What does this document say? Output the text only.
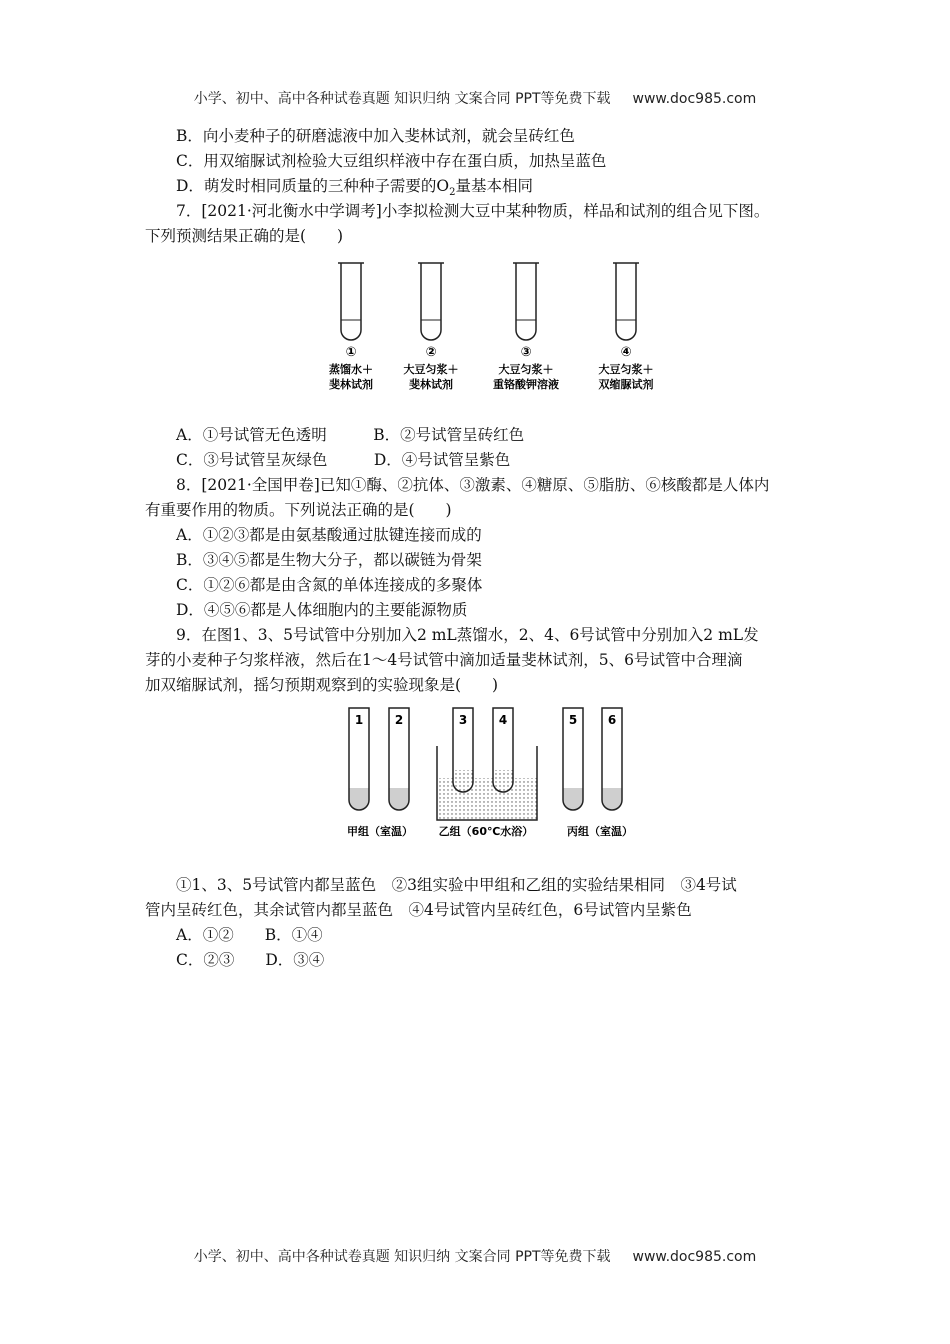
小学、初中、高中各种试卷真题 知识归纳 文案合同 PPT等免费下载 www.doc985.com
B．向小麦种子的研磨滤液中加入斐林试剂，就会呈砖红色
C．用双缩脲试剂检验大豆组织样液中存在蛋白质，加热呈蓝色
D．萌发时相同质量的三种种子需要的$O_2$量基本相同
7．[2021·河北衡水中学调考]小李拟检测大豆中某种物质，样品和试剂的组合见下图。
下列预测结果正确的是(　　)
①
蒸馏水＋
斐林试剂
②
大豆匀浆＋
斐林试剂
③
大豆匀浆＋
重铬酸钾溶液
④
大豆匀浆＋
双缩脲试剂
A．①号试管无色透明　　　B．②号试管呈砖红色
C．③号试管呈灰绿色　　　D．④号试管呈紫色
8．[2021·全国甲卷]已知①酶、②抗体、③激素、④糖原、⑤脂肪、⑥核酸都是人体内
有重要作用的物质。下列说法正确的是(　　)
A．①②③都是由氨基酸通过肽键连接而成的
B．③④⑤都是生物大分子，都以碳链为骨架
C．①②⑥都是由含氮的单体连接成的多聚体
D．④⑤⑥都是人体细胞内的主要能源物质
9．在图1、3、5号试管中分别加入2 mL蒸馏水，2、4、6号试管中分别加入2 mL发
芽的小麦种子匀浆样液，然后在1～4号试管中滴加适量斐林试剂，5、6号试管中合理滴
加双缩脲试剂，摇匀预期观察到的实验现象是(　　)
1	2	3	4	5	6
甲组（室温） 乙组（60℃水浴）	丙组（室温）
①1、3、5号试管内都呈蓝色　②3组实验中甲组和乙组的实验结果相同　③4号试
管内呈砖红色，其余试管内都呈蓝色　④4号试管内呈砖红色，6号试管内呈紫色
A．①②　　B．①④
C．②③　　D．③④
小学、初中、高中各种试卷真题 知识归纳 文案合同 PPT等免费下载 www.doc985.com
